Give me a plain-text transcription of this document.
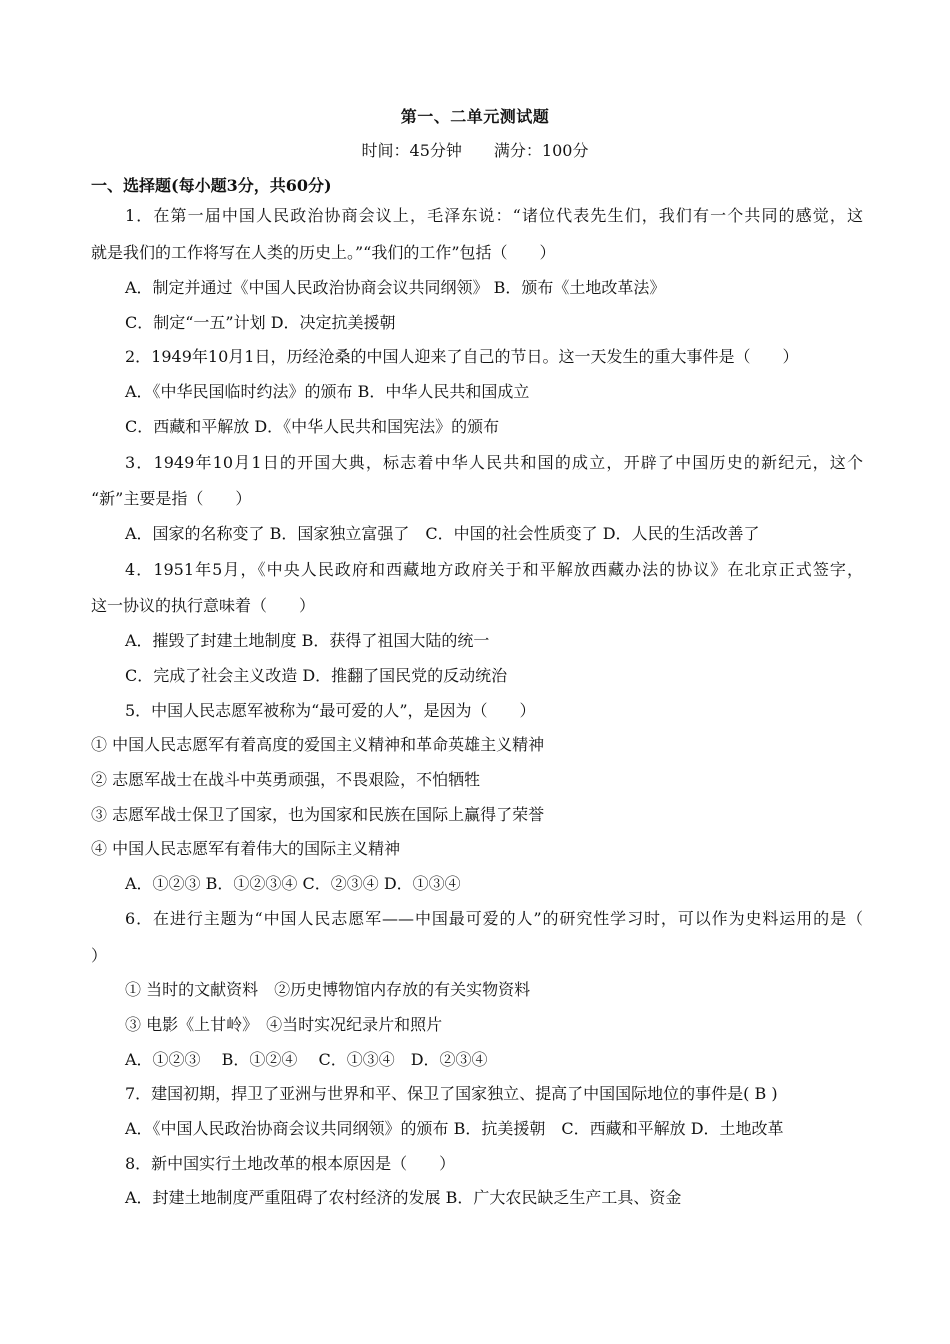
第一、二单元测试题
时间：45分钟 满分：100分
一、选择题(每小题3分，共60分)
1．在第一届中国人民政治协商会议上，毛泽东说：“诸位代表先生们，我们有一个共同的感觉，这
就是我们的工作将写在人类的历史上。”“我们的工作”包括（　　）
A．制定并通过《中国人民政治协商会议共同纲领》 B．颁布《土地改革法》
C．制定“一五”计划 D．决定抗美援朝
2．1949年10月1日，历经沧桑的中国人迎来了自己的节日。这一天发生的重大事件是（　　）
A．《中华民国临时约法》的颁布 B．中华人民共和国成立
C．西藏和平解放 D．《中华人民共和国宪法》的颁布
3．1949年10月1日的开国大典，标志着中华人民共和国的成立，开辟了中国历史的新纪元，这个
“新”主要是指（　　）
A．国家的名称变了 B．国家独立富强了　C．中国的社会性质变了 D．人民的生活改善了
4．1951年5月，《中央人民政府和西藏地方政府关于和平解放西藏办法的协议》在北京正式签字，
这一协议的执行意味着（　　）
A．摧毁了封建土地制度 B．获得了祖国大陆的统一
C．完成了社会主义改造 D．推翻了国民党的反动统治
5．中国人民志愿军被称为“最可爱的人”，是因为（　　）
① 中国人民志愿军有着高度的爱国主义精神和革命英雄主义精神
② 志愿军战士在战斗中英勇顽强，不畏艰险，不怕牺牲
③ 志愿军战士保卫了国家，也为国家和民族在国际上赢得了荣誉
④ 中国人民志愿军有着伟大的国际主义精神
A．①②③ B．①②③④ C．②③④ D．①③④
6．在进行主题为“中国人民志愿军——中国最可爱的人”的研究性学习时，可以作为史料运用的是（
）
① 当时的文献资料　②历史博物馆内存放的有关实物资料
③ 电影《上甘岭》　④当时实况纪录片和照片
A．①②③　 B．①②④　 C．①③④　D．②③④
7．建国初期，捍卫了亚洲与世界和平、保卫了国家独立、提高了中国国际地位的事件是( B )
A．《中国人民政治协商会议共同纲领》的颁布 B．抗美援朝　C．西藏和平解放 D．土地改革
8．新中国实行土地改革的根本原因是（　　）
A．封建土地制度严重阻碍了农村经济的发展 B．广大农民缺乏生产工具、资金
